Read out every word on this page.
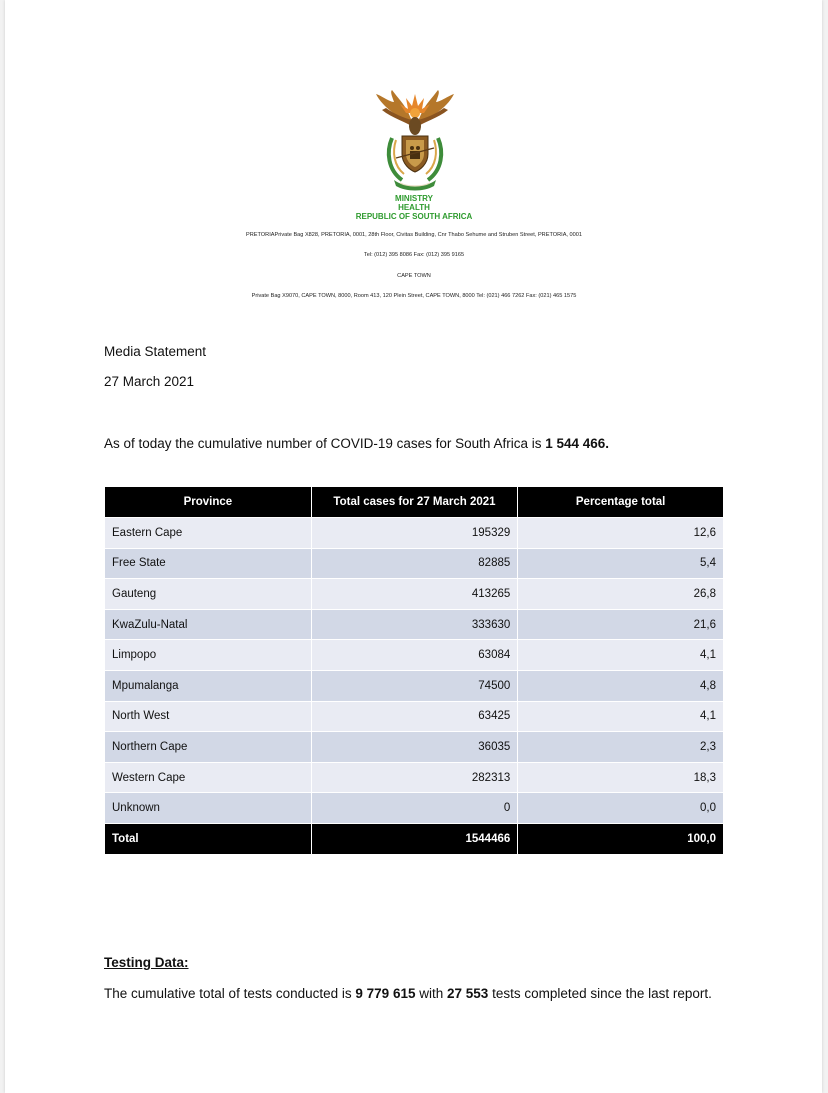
MINISTRY
HEALTH
REPUBLIC OF SOUTH AFRICA
PRETORIAPrivate Bag X828, PRETORIA, 0001, 28th Floor, Civitas Building, Cnr Thabo Sehume and Struben Street, PRETORIA, 0001
Tel: (012) 395 8086 Fax: (012) 395 9165
CAPE TOWN
Private Bag X9070, CAPE TOWN, 8000, Room 413, 120 Plein Street, CAPE TOWN, 8000 Tel: (021) 466 7262 Fax: (021) 465 1575
Media Statement
27 March 2021
As of today the cumulative number of COVID-19 cases for South Africa is 1 544 466.
Province	Total cases for 27 March 2021	Percentage total
Eastern Cape	195329	12,6
Free State	82885	5,4
Gauteng	413265	26,8
KwaZulu-Natal	333630	21,6
Limpopo	63084	4,1
Mpumalanga	74500	4,8
North West	63425	4,1
Northern Cape	36035	2,3
Western Cape	282313	18,3
Unknown	0	0,0
Total	1544466	100,0
Testing Data:
The cumulative total of tests conducted is 9 779 615 with 27 553 tests completed since the last report.
